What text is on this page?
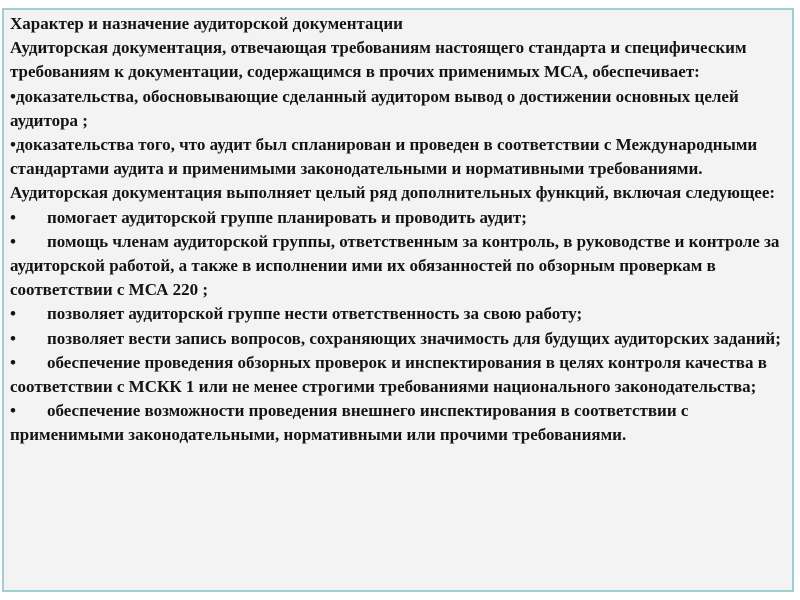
Характер и назначение аудиторской документации

Аудиторская документация, отвечающая требованиям настоящего стандарта и специфическим требованиям к документации, содержащимся в прочих применимых МСА, обеспечивает:

•доказательства, обосновывающие сделанный аудитором вывод о достижении основных целей аудитора ;

•доказательства того, что аудит был спланирован и проведен в соответствии с Международными стандартами аудита и применимыми законодательными и нормативными требованиями.

Аудиторская документация выполняет целый ряд дополнительных функций, включая следующее:

• помогает аудиторской группе планировать и проводить аудит;

• помощь членам аудиторской группы, ответственным за контроль, в руководстве и контроле за аудиторской работой, а также в исполнении ими их обязанностей по обзорным проверкам в соответствии с МСА 220 ;

• позволяет аудиторской группе нести ответственность за свою работу;

• позволяет вести запись вопросов, сохраняющих значимость для будущих аудиторских заданий;

• обеспечение проведения обзорных проверок и инспектирования в целях контроля качества в соответствии с МСКК 1 или не менее строгими требованиями национального законодательства;

• обеспечение возможности проведения внешнего инспектирования в соответствии с применимыми законодательными, нормативными или прочими требованиями.
